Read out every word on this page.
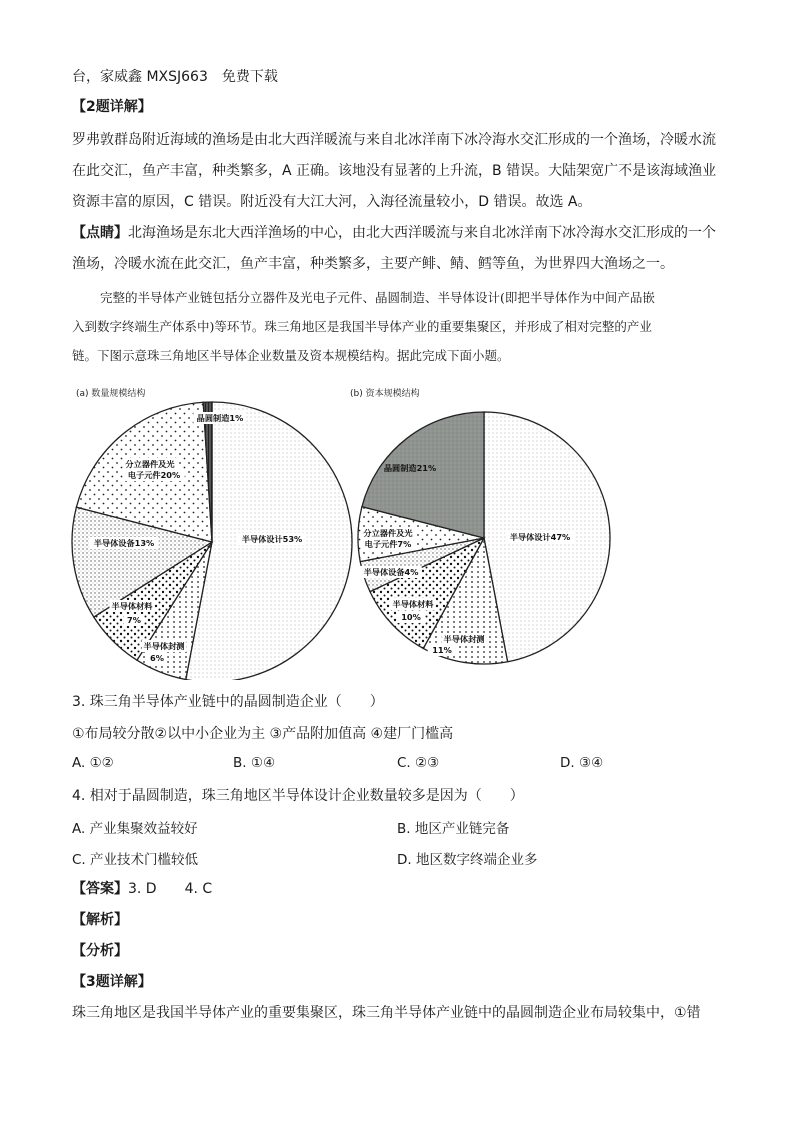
台，家威鑫 MXSJ663　免费下载
【2题详解】
罗弗敦群岛附近海域的渔场是由北大西洋暖流与来自北冰洋南下冰冷海水交汇形成的一个渔场，冷暖水流
在此交汇，鱼产丰富，种类繁多，A 正确。该地没有显著的上升流，B 错误。大陆架宽广不是该海域渔业
资源丰富的原因，C 错误。附近没有大江大河，入海径流量较小，D 错误。故选 A。
【点睛】北海渔场是东北大西洋渔场的中心，由北大西洋暖流与来自北冰洋南下冰冷海水交汇形成的一个
渔场，冷暖水流在此交汇，鱼产丰富，种类繁多，主要产鲱、鲭、鳕等鱼，为世界四大渔场之一。
完整的半导体产业链包括分立器件及光电子元件、晶圆制造、半导体设计(即把半导体作为中间产品嵌
入到数字终端生产体系中)等环节。珠三角地区是我国半导体产业的重要集聚区，并形成了相对完整的产业
链。下图示意珠三角地区半导体企业数量及资本规模结构。据此完成下面小题。
(a) 数量规模结构
晶圆制造1%
分立器件及光
电子元件20%
半导体设备13%
半导体材料
7%
半导体封测
6%
半导体设计53%
(b) 资本规模结构
晶圆制造21%
分立器件及光
电子元件7%
半导体设备4%
半导体材料
10%
半导体封测
11%
半导体设计47%
3. 珠三角半导体产业链中的晶圆制造企业（　　）
①布局较分散②以中小企业为主 ③产品附加值高 ④建厂门槛高
A. ①②	B. ①④	C. ②③	D. ③④
4. 相对于晶圆制造，珠三角地区半导体设计企业数量较多是因为（　　）
A. 产业集聚效益较好	B. 地区产业链完备
C. 产业技术门槛较低	D. 地区数字终端企业多
【答案】3. D　　4. C
【解析】
【分析】
【3题详解】
珠三角地区是我国半导体产业的重要集聚区，珠三角半导体产业链中的晶圆制造企业布局较集中，①错
